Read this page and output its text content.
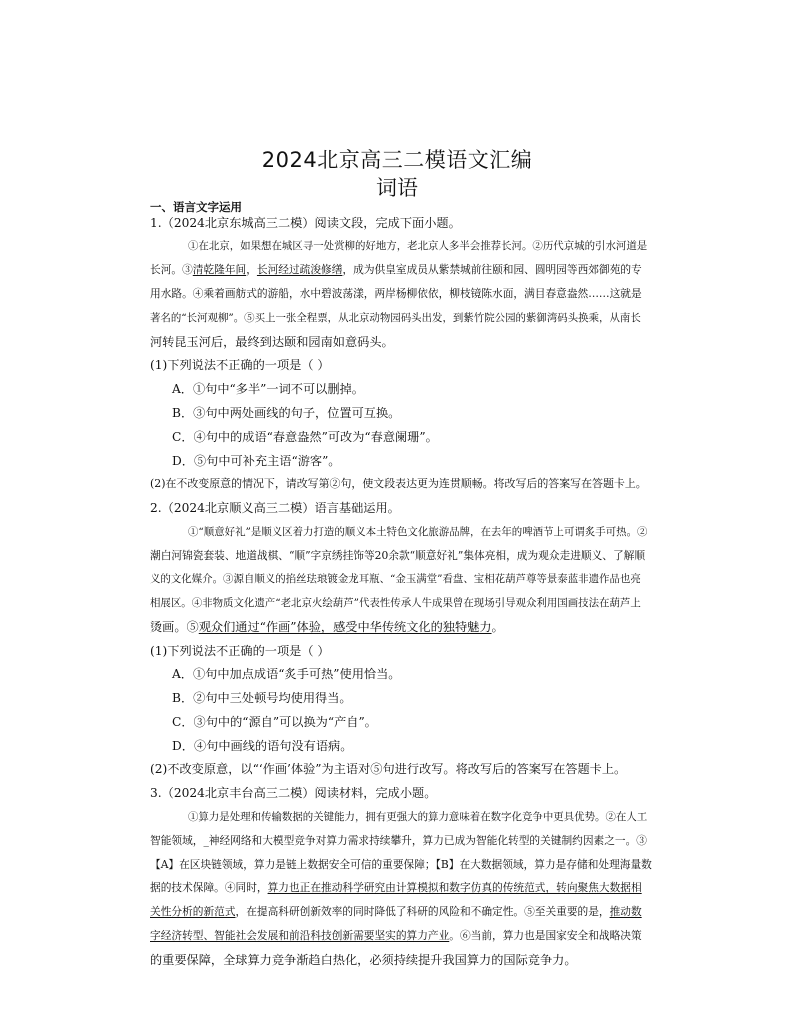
2024北京高三二模语文汇编
词语
一、语言文字运用
1.（2024北京东城高三二模）阅读文段，完成下面小题。
①在北京，如果想在城区寻一处赏柳的好地方，老北京人多半会推荐长河。②历代京城的引水河道是
长河。③清乾隆年间，长河经过疏浚修缮，成为供皇室成员从紫禁城前往颐和园、圆明园等西郊御苑的专
用水路。④乘着画舫式的游船，水中碧波荡漾，两岸杨柳依依，柳枝镜陈水面，满目春意盎然……这就是
著名的“长河观柳”。⑤买上一张全程票，从北京动物园码头出发，到紫竹院公园的紫御湾码头换乘，从南长
河转昆玉河后，最终到达颐和园南如意码头。
(1)下列说法不正确的一项是（ ）
A．①句中“多半”一词不可以删掉。
B．③句中两处画线的句子，位置可互换。
C．④句中的成语“春意盎然”可改为“春意阑珊”。
D．⑤句中可补充主语“游客”。
(2)在不改变原意的情况下，请改写第②句，使文段表达更为连贯顺畅。将改写后的答案写在答题卡上。
2.（2024北京顺义高三二模）语言基础运用。
①“顺意好礼”是顺义区着力打造的顺义本土特色文化旅游品牌，在去年的啤酒节上可谓炙手可热。②
潮白河锦瓷套装、地道战棋、“顺”字京绣挂饰等20余款“顺意好礼”集体亮相，成为观众走进顺义、了解顺
义的文化媒介。③源自顺义的掐丝珐琅镀金龙耳瓶、“金玉满堂”看盘、宝相花葫芦尊等景泰蓝非遗作品也亮
相展区。④非物质文化遗产“老北京火绘葫芦”代表性传承人牛成果曾在现场引导观众利用国画技法在葫芦上
烫画。⑤观众们通过“作画”体验，感受中华传统文化的独特魅力。
(1)下列说法不正确的一项是（ ）
A．①句中加点成语“炙手可热”使用恰当。
B．②句中三处顿号均使用得当。
C．③句中的“源自”可以换为“产自”。
D．④句中画线的语句没有语病。
(2)不改变原意，以“‘作画’体验”为主语对⑤句进行改写。将改写后的答案写在答题卡上。
3.（2024北京丰台高三二模）阅读材料，完成小题。
①算力是处理和传输数据的关键能力，拥有更强大的算力意味着在数字化竞争中更具优势。②在人工
智能领域，_神经网络和大模型竞争对算力需求持续攀升，算力已成为智能化转型的关键制约因素之一。③
【A】在区块链领域，算力是链上数据安全可信的重要保障；【B】在大数据领域，算力是存储和处理海量数
据的技术保障。④同时，算力也正在推动科学研究由计算模拟和数字仿真的传统范式，转向聚焦大数据相
关性分析的新范式，在提高科研创新效率的同时降低了科研的风险和不确定性。⑤至关重要的是，推动数
字经济转型、智能社会发展和前沿科技创新需要坚实的算力产业。⑥当前，算力也是国家安全和战略决策
的重要保障，全球算力竞争渐趋白热化，必须持续提升我国算力的国际竞争力。
